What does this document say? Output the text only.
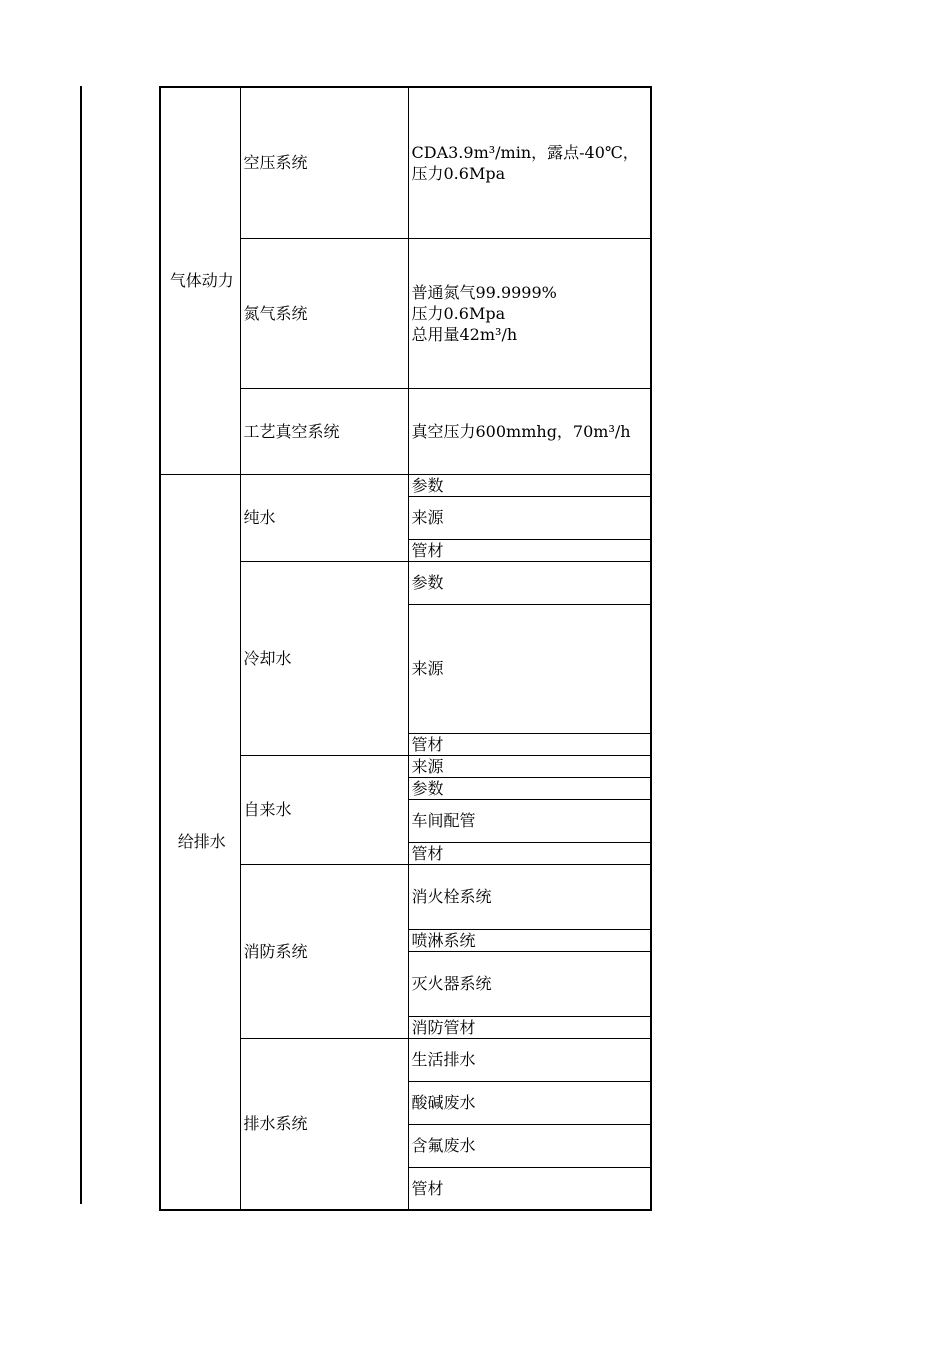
气体动力	空压系统	CDA3.9m³/min，露点-40℃，
压力0.6Mpa

	氮气系统	普通氮气99.9999%
压力0.6Mpa
总用量42m³/h

	工艺真空系统	真空压力600mmhg，70m³/h
给排水	纯水	参数
		来源
		管材
	冷却水	参数
		来源
		管材
	自来水	来源
		参数
		车间配管
		管材
	消防系统	消火栓系统
		喷淋系统
		灭火器系统
		消防管材
	排水系统	生活排水
		酸碱废水
		含氟废水
		管材
